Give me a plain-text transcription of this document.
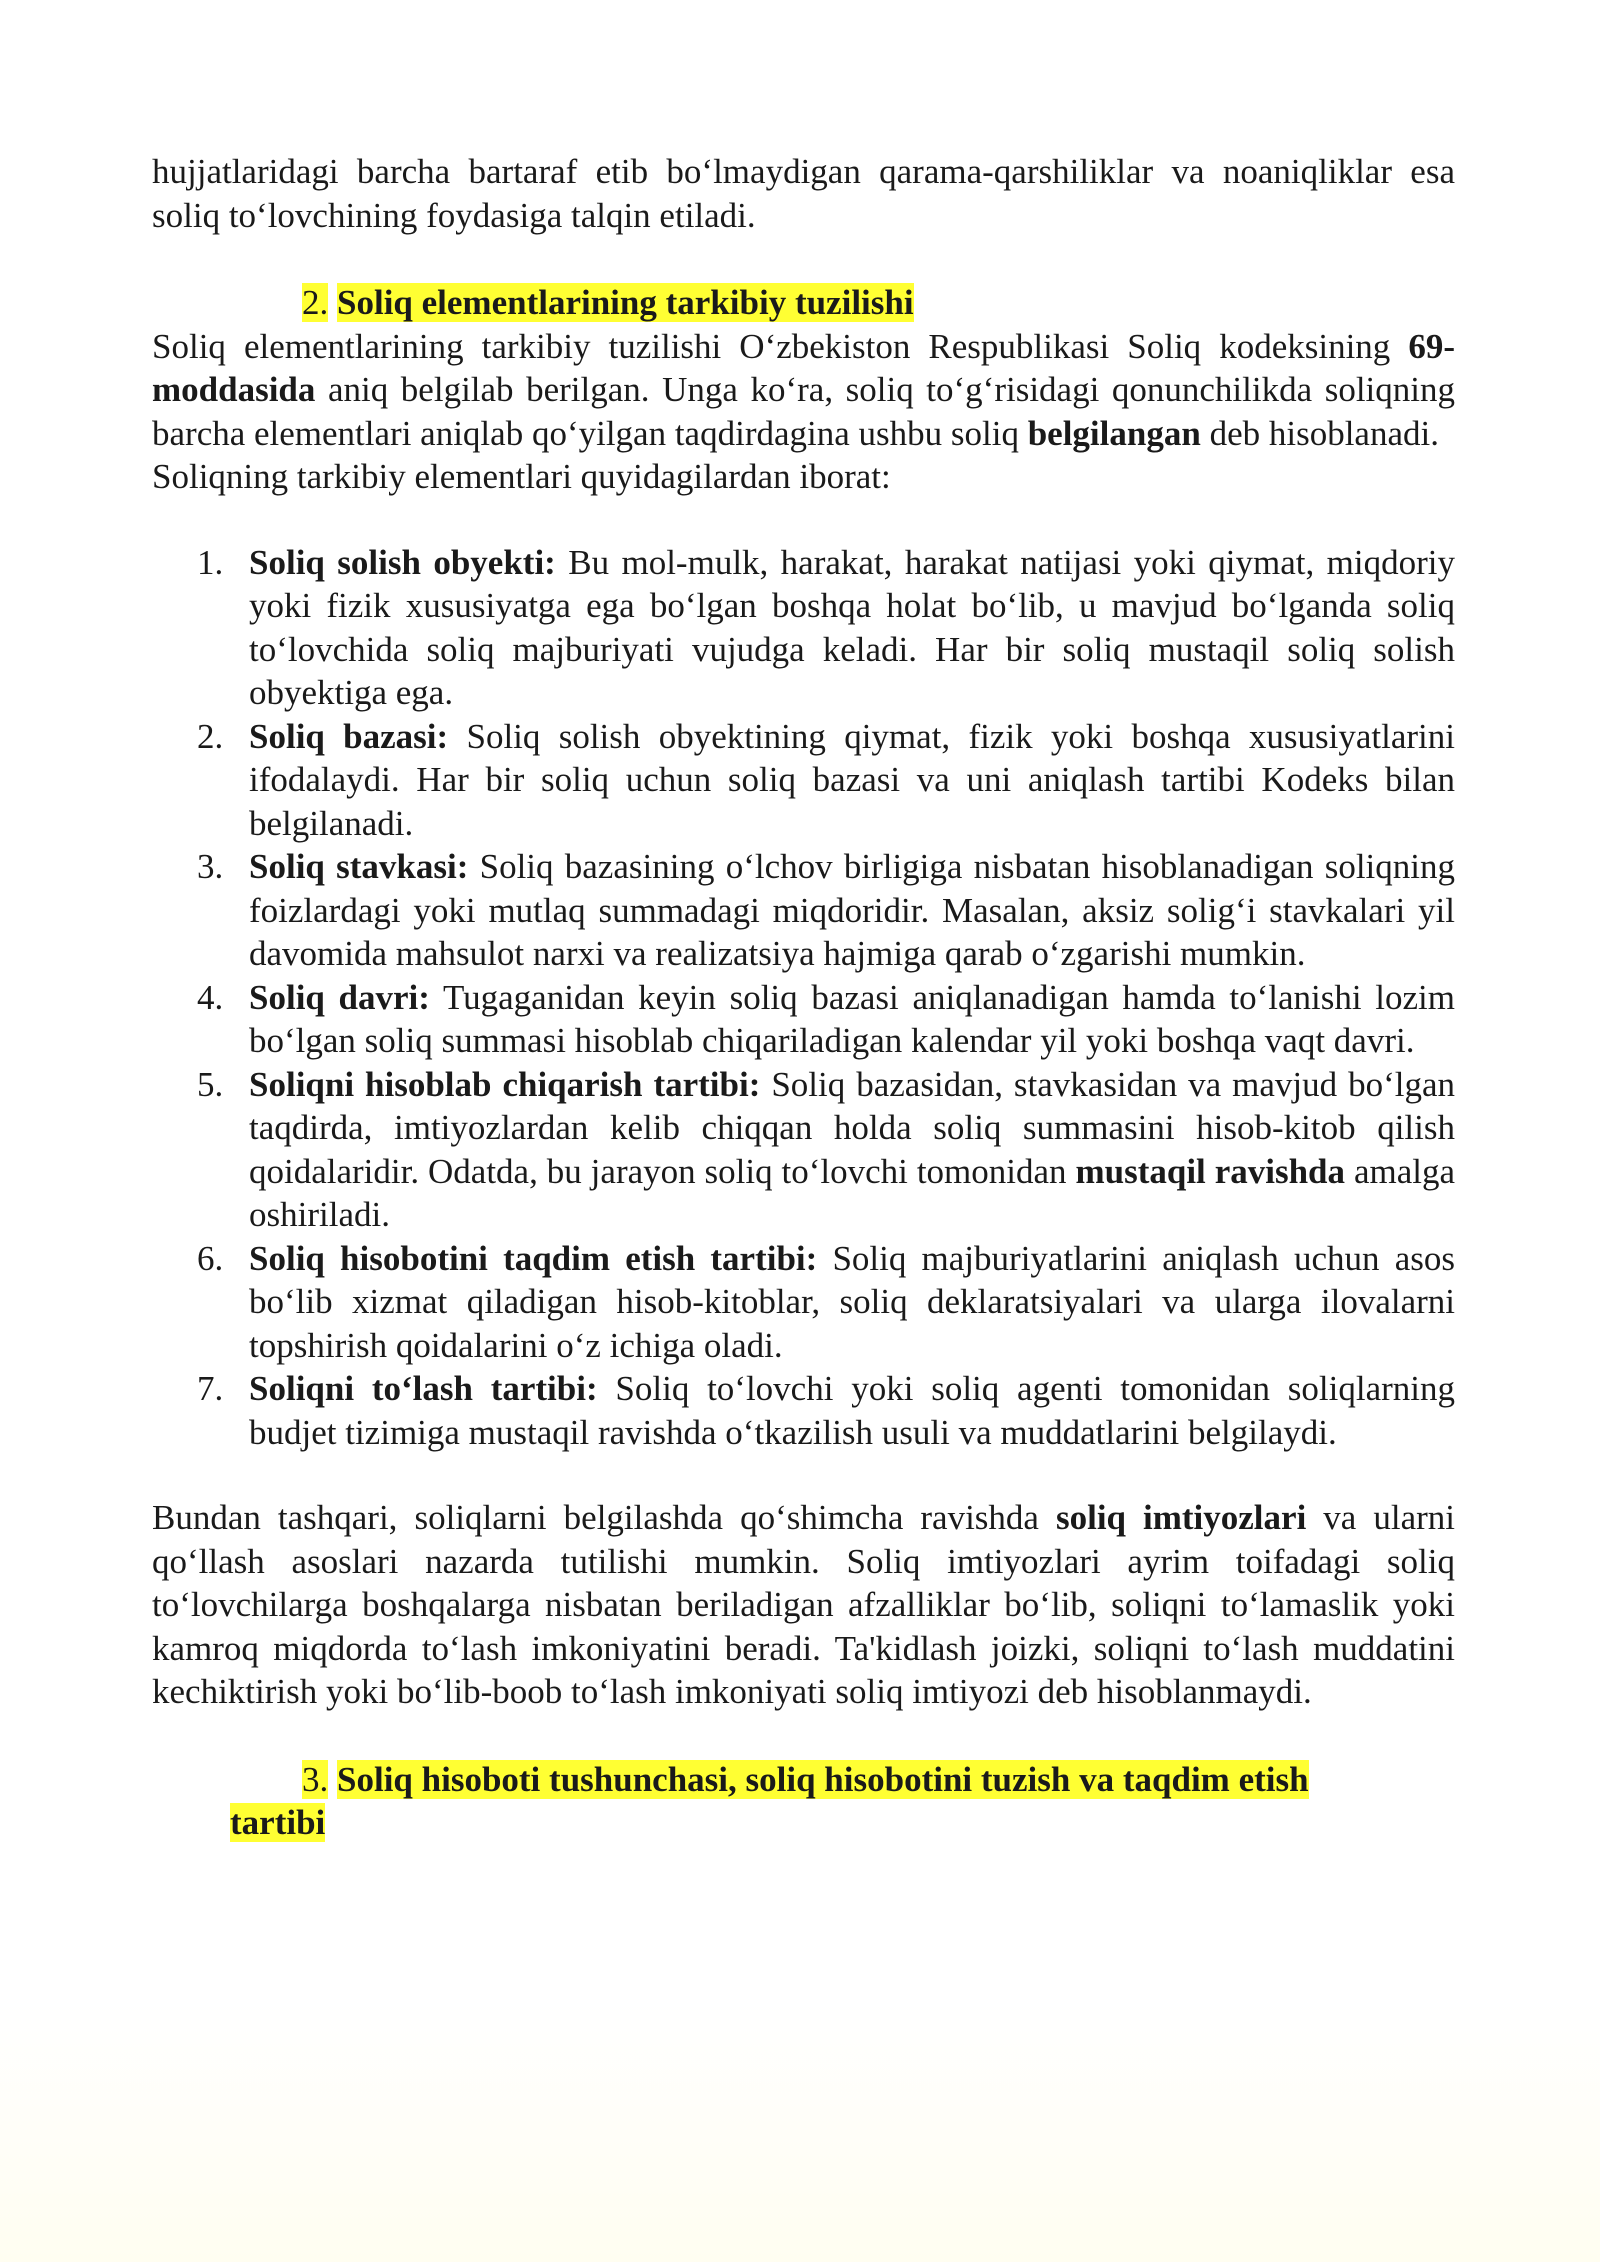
hujjatlaridagi barcha bartaraf etib bo‘lmaydigan qarama-qarshiliklar va noaniqliklar esa soliq to‘lovchining foydasiga talqin etiladi.

2. Soliq elementlarining tarkibiy tuzilishi

Soliq elementlarining tarkibiy tuzilishi O‘zbekiston Respublikasi Soliq kodeksining 69-moddasida aniq belgilab berilgan. Unga ko‘ra, soliq to‘g‘risidagi qonunchilikda soliqning barcha elementlari aniqlab qo‘yilgan taqdirdagina ushbu soliq belgilangan deb hisoblanadi.

Soliqning tarkibiy elementlari quyidagilardan iborat:

1. Soliq solish obyekti: Bu mol-mulk, harakat, harakat natijasi yoki qiymat, miqdoriy yoki fizik xususiyatga ega bo‘lgan boshqa holat bo‘lib, u mavjud bo‘lganda soliq to‘lovchida soliq majburiyati vujudga keladi. Har bir soliq mustaqil soliq solish obyektiga ega.
2. Soliq bazasi: Soliq solish obyektining qiymat, fizik yoki boshqa xususiyatlarini ifodalaydi. Har bir soliq uchun soliq bazasi va uni aniqlash tartibi Kodeks bilan belgilanadi.
3. Soliq stavkasi: Soliq bazasining o‘lchov birligiga nisbatan hisoblanadigan soliqning foizlardagi yoki mutlaq summadagi miqdoridir. Masalan, aksiz solig‘i stavkalari yil davomida mahsulot narxi va realizatsiya hajmiga qarab o‘zgarishi mumkin.
4. Soliq davri: Tugaganidan keyin soliq bazasi aniqlanadigan hamda to‘lanishi lozim bo‘lgan soliq summasi hisoblab chiqariladigan kalendar yil yoki boshqa vaqt davri.
5. Soliqni hisoblab chiqarish tartibi: Soliq bazasidan, stavkasidan va mavjud bo‘lgan taqdirda, imtiyozlardan kelib chiqqan holda soliq summasini hisob-kitob qilish qoidalaridir. Odatda, bu jarayon soliq to‘lovchi tomonidan mustaqil ravishda amalga oshiriladi.
6. Soliq hisobotini taqdim etish tartibi: Soliq majburiyatlarini aniqlash uchun asos bo‘lib xizmat qiladigan hisob-kitoblar, soliq deklaratsiyalari va ularga ilovalarni topshirish qoidalarini o‘z ichiga oladi.
7. Soliqni to‘lash tartibi: Soliq to‘lovchi yoki soliq agenti tomonidan soliqlarning budjet tizimiga mustaqil ravishda o‘tkazilish usuli va muddatlarini belgilaydi.

Bundan tashqari, soliqlarni belgilashda qo‘shimcha ravishda soliq imtiyozlari va ularni qo‘llash asoslari nazarda tutilishi mumkin. Soliq imtiyozlari ayrim toifadagi soliq to‘lovchilarga boshqalarga nisbatan beriladigan afzalliklar bo‘lib, soliqni to‘lamaslik yoki kamroq miqdorda to‘lash imkoniyatini beradi. Ta'kidlash joizki, soliqni to‘lash muddatini kechiktirish yoki bo‘lib-boob to‘lash imkoniyati soliq imtiyozi deb hisoblanmaydi.

3. Soliq hisoboti tushunchasi, soliq hisobotini tuzish va taqdim etish
tartibi
